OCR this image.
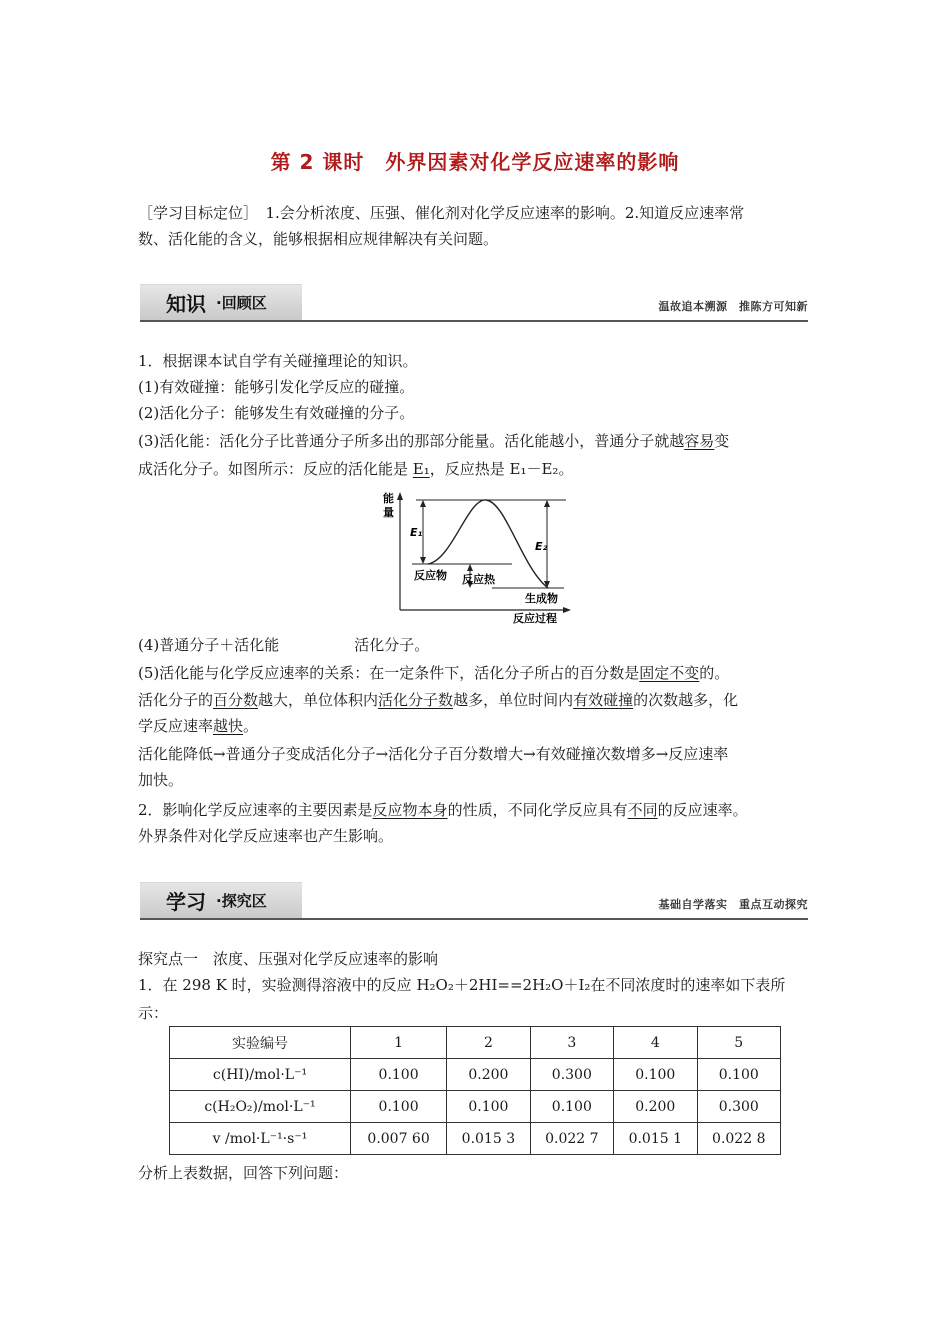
第 2 课时　外界因素对化学反应速率的影响
［学习目标定位］　1.会分析浓度、压强、催化剂对化学反应速率的影响。2.知道反应速率常
数、活化能的含义，能够根据相应规律解决有关问题。
知识 ·回顾区	温故追本溯源　推陈方可知新
1．根据课本试自学有关碰撞理论的知识。
(1)有效碰撞：能够引发化学反应的碰撞。
(2)活化分子：能够发生有效碰撞的分子。
(3)活化能：活化分子比普通分子所多出的那部分能量。活化能越小，普通分子就越容易变
成活化分子。如图所示：反应的活化能是 E₁，反应热是 E₁－E₂。
能
量
E₁
E₂
反应物 反应热
生成物
反应过程
(4)普通分子＋活化能　　　　　活化分子。
(5)活化能与化学反应速率的关系：在一定条件下，活化分子所占的百分数是固定不变的。
活化分子的百分数越大，单位体积内活化分子数越多，单位时间内有效碰撞的次数越多，化
学反应速率越快。
活化能降低→普通分子变成活化分子→活化分子百分数增大→有效碰撞次数增多→反应速率
加快。
2．影响化学反应速率的主要因素是反应物本身的性质，不同化学反应具有不同的反应速率。
外界条件对化学反应速率也产生影响。
学习 ·探究区	基础自学落实　重点互动探究
探究点一　浓度、压强对化学反应速率的影响
1．在 298 K 时，实验测得溶液中的反应 H₂O₂＋2HI==2H₂O＋I₂在不同浓度时的速率如下表所
示：
实验编号	1	2	3	4	5
c(HI)/mol·L⁻¹	0.100	0.200	0.300	0.100	0.100
c(H₂O₂)/mol·L⁻¹	0.100	0.100	0.100	0.200	0.300
v /mol·L⁻¹·s⁻¹	0.007 60	0.015 3	0.022 7	0.015 1	0.022 8
分析上表数据，回答下列问题：
